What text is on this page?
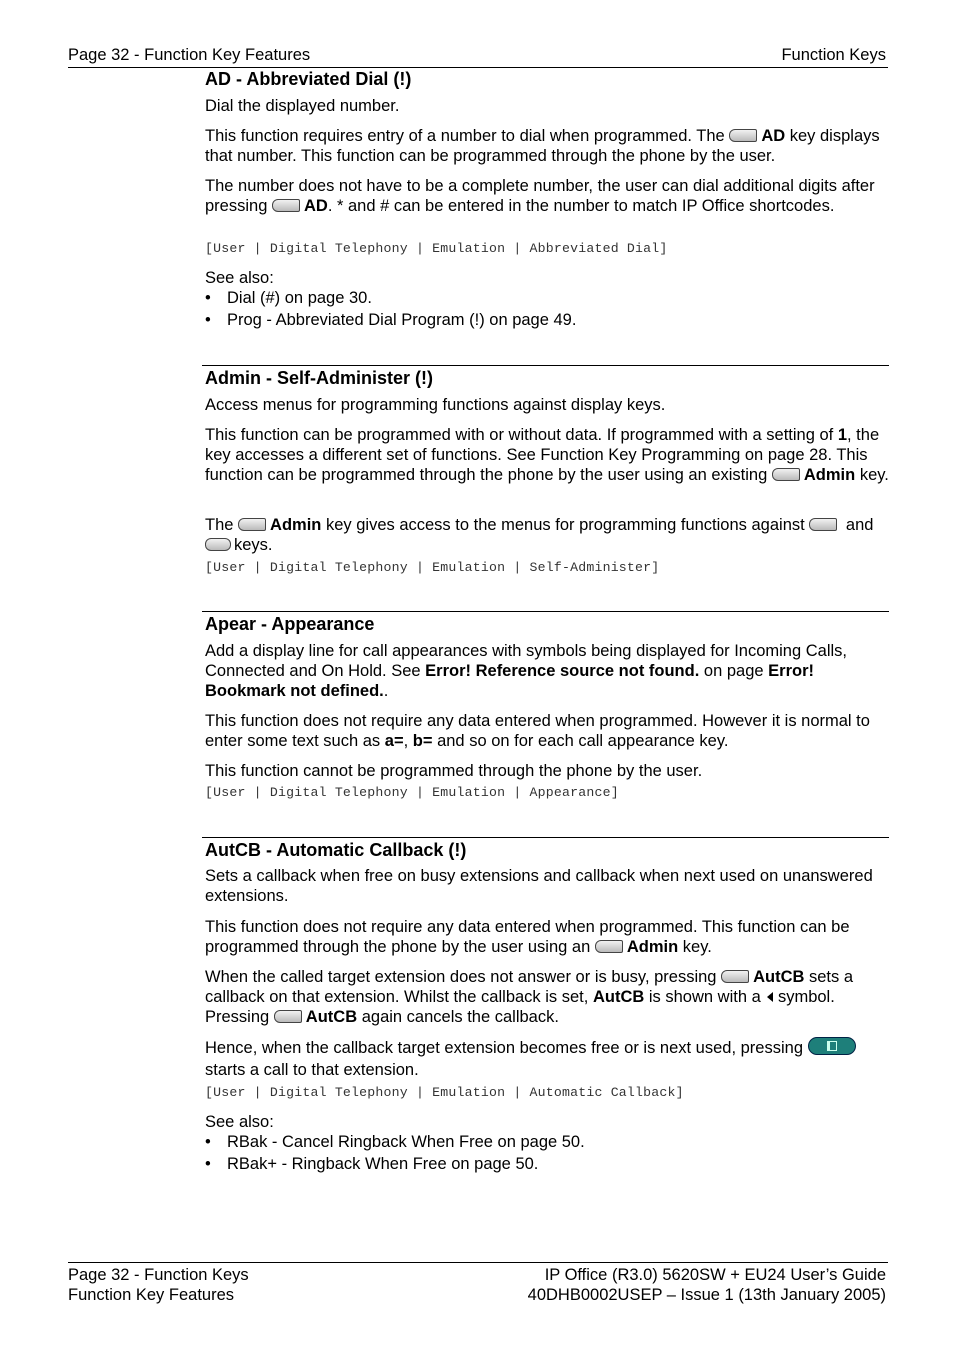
Page 32 - Function Key Features	Function Keys
AD - Abbreviated Dial (!)

Dial the displayed number.

This function requires entry of a number to dial when programmed. The AD key displays that number. This function can be programmed through the phone by the user.

The number does not have to be a complete number, the user can dial additional digits after pressing AD. * and # can be entered in the number to match IP Office shortcodes.

[User | Digital Telephony | Emulation | Abbreviated Dial]

See also:

• Dial (#) on page 30.
• Prog - Abbreviated Dial Program (!) on page 49.
Admin - Self-Administer (!)

Access menus for programming functions against display keys.

This function can be programmed with or without data. If programmed with a setting of 1, the key accesses a different set of functions. See Function Key Programming on page 28. This function can be programmed through the phone by the user using an existing Admin key.

The Admin key gives access to the menus for programming functions against and keys.

[User | Digital Telephony | Emulation | Self-Administer]
Apear - Appearance

Add a display line for call appearances with symbols being displayed for Incoming Calls, Connected and On Hold. See Error! Reference source not found. on page Error! Bookmark not defined..

This function does not require any data entered when programmed. However it is normal to enter some text such as a=, b= and so on for each call appearance key.

This function cannot be programmed through the phone by the user.

[User | Digital Telephony | Emulation | Appearance]
AutCB - Automatic Callback (!)

Sets a callback when free on busy extensions and callback when next used on unanswered extensions.

This function does not require any data entered when programmed. This function can be programmed through the phone by the user using an Admin key.

When the called target extension does not answer or is busy, pressing AutCB sets a callback on that extension. Whilst the callback is set, AutCB is shown with a symbol. Pressing AutCB again cancels the callback.

Hence, when the callback target extension becomes free or is next used, pressing  starts a call to that extension.

[User | Digital Telephony | Emulation | Automatic Callback]

See also:

• RBak - Cancel Ringback When Free on page 50.
• RBak+ - Ringback When Free on page 50.
Page 32 - Function Keys
Function Key Features
IP Office (R3.0) 5620SW + EU24 User’s Guide
40DHB0002USEP – Issue 1 (13th January 2005)
